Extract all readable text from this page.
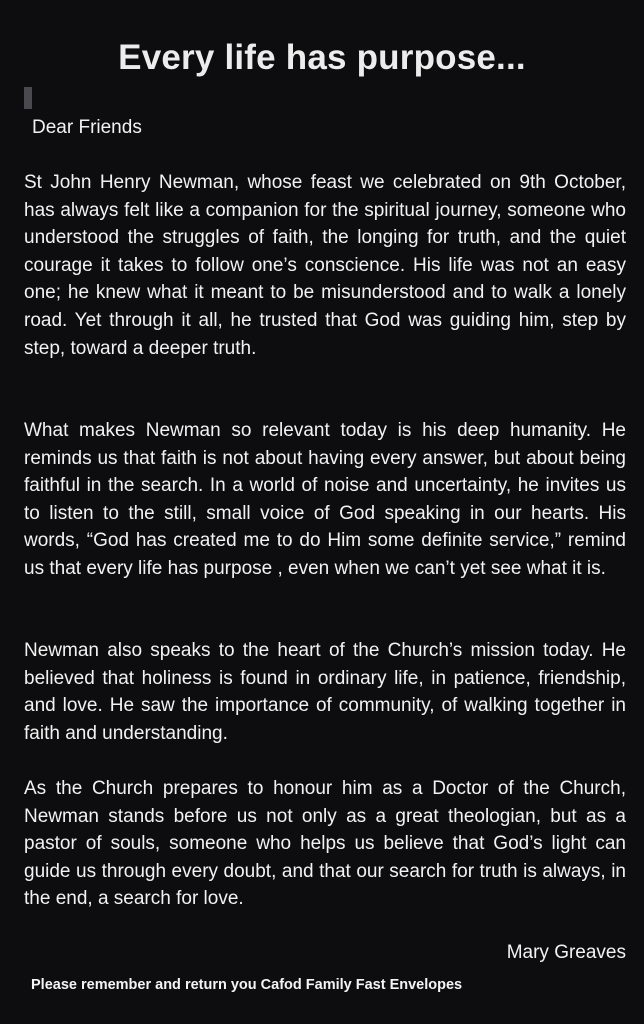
Every life has purpose...

Dear Friends

St John Henry Newman, whose feast we celebrated on 9th October, has always felt like a companion for the spiritual journey, someone who understood the struggles of faith, the longing for truth, and the quiet courage it takes to follow one’s conscience. His life was not an easy one; he knew what it meant to be misunderstood and to walk a lonely road. Yet through it all, he trusted that God was guiding him, step by step, toward a deeper truth.

What makes Newman so relevant today is his deep humanity. He reminds us that faith is not about having every answer, but about being faithful in the search. In a world of noise and uncertainty, he invites us to listen to the still, small voice of God speaking in our hearts. His words, “God has created me to do Him some definite service,” remind us that every life has purpose , even when we can’t yet see what it is.

Newman also speaks to the heart of the Church’s mission today. He believed that holiness is found in ordinary life, in patience, friendship, and love. He saw the importance of community, of walking together in faith and understanding.

As the Church prepares to honour him as a Doctor of the Church, Newman stands before us not only as a great theologian, but as a pastor of souls, someone who helps us believe that God’s light can guide us through every doubt, and that our search for truth is always, in the end, a search for love.

Mary Greaves

Please remember and return you Cafod Family Fast Envelopes
